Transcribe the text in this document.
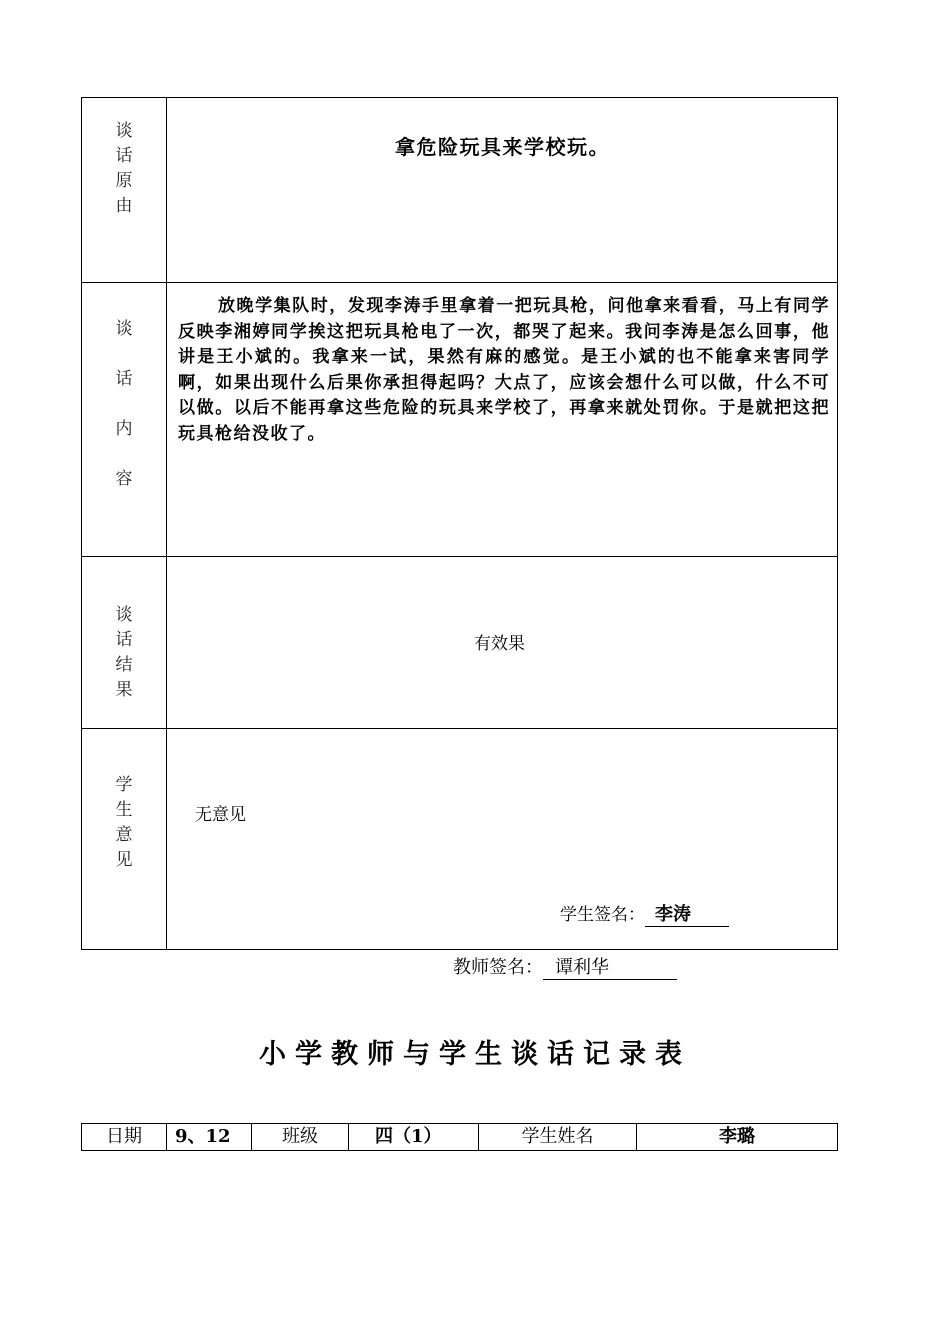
谈
话
原
由
拿危险玩具来学校玩。
谈
话
内
容
放晚学集队时，发现李涛手里拿着一把玩具枪，问他拿来看看，马上有同学反映李湘婷同学挨这把玩具枪电了一次，都哭了起来。我问李涛是怎么回事，他讲是王小斌的。我拿来一试，果然有麻的感觉。是王小斌的也不能拿来害同学啊，如果出现什么后果你承担得起吗？大点了，应该会想什么可以做，什么不可以做。以后不能再拿这些危险的玩具来学校了，再拿来就处罚你。于是就把这把玩具枪给没收了。
谈
话
结
果
有效果
学
生
意
见
无意见
学生签名： 李涛
教师签名： 谭利华
小学教师与学生谈话记录表
日期	9、12	班级	四（1）	学生姓名	李璐
